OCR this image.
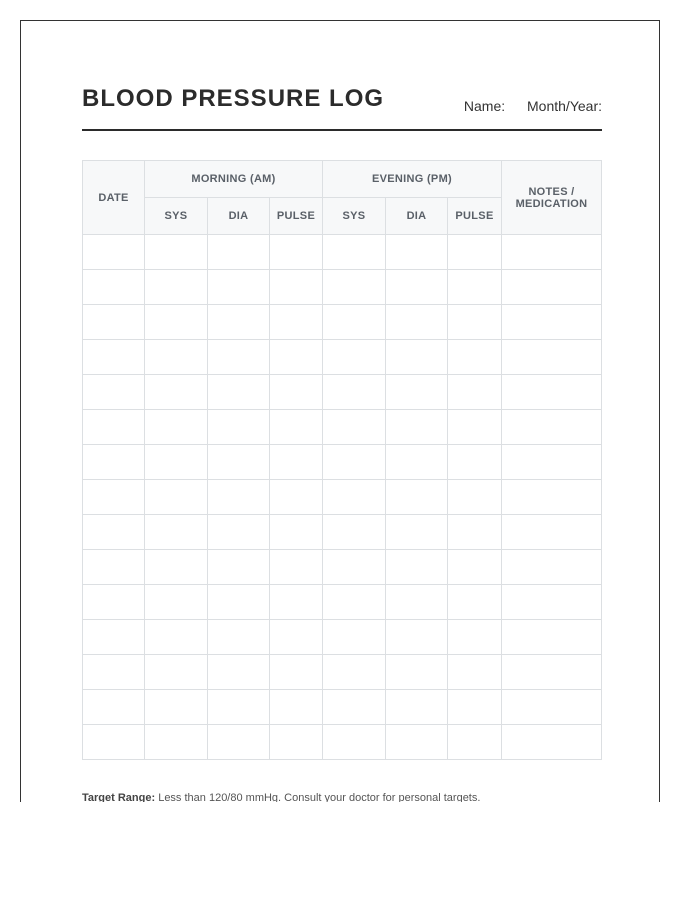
BLOOD PRESSURE LOG	Name: Month/Year:
DATE	MORNING (AM)			EVENING (PM)			NOTES /
MEDICATION
	SYS	DIA	PULSE	SYS	DIA	PULSE	

Target Range: Less than 120/80 mmHg. Consult your doctor for personal targets.
